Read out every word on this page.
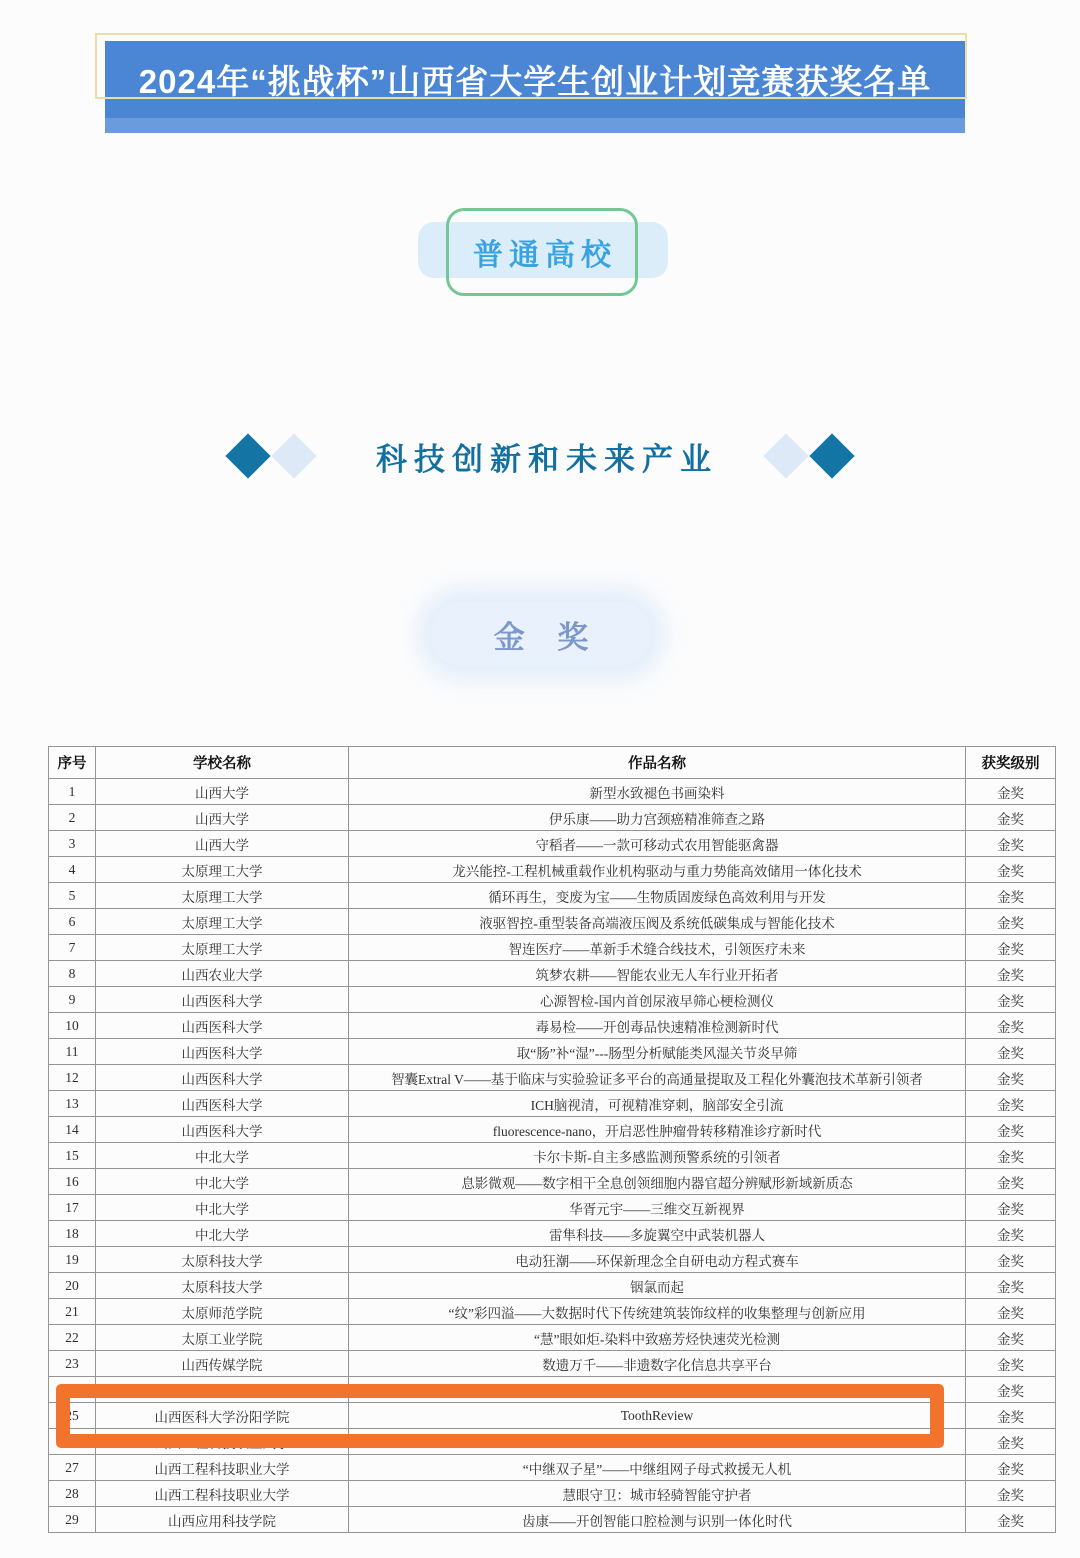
2024年“挑战杯”山西省大学生创业计划竞赛获奖名单
普通高校
科技创新和未来产业
金 奖
序号	学校名称	作品名称	获奖级别
1	山西大学	新型水致褪色书画染料	金奖
2	山西大学	伊乐康——助力宫颈癌精准筛查之路	金奖
3	山西大学	守稻者——一款可移动式农用智能驱禽器	金奖
4	太原理工大学	龙兴能控-工程机械重载作业机构驱动与重力势能高效储用一体化技术	金奖
5	太原理工大学	循环再生，变废为宝——生物质固废绿色高效利用与开发	金奖
6	太原理工大学	液驱智控-重型装备高端液压阀及系统低碳集成与智能化技术	金奖
7	太原理工大学	智连医疗——革新手术缝合线技术，引领医疗未来	金奖
8	山西农业大学	筑梦农耕——智能农业无人车行业开拓者	金奖
9	山西医科大学	心源智检-国内首创尿液早筛心梗检测仪	金奖
10	山西医科大学	毒易检——开创毒品快速精准检测新时代	金奖
11	山西医科大学	取“肠”补“湿”---肠型分析赋能类风湿关节炎早筛	金奖
12	山西医科大学	智囊Extral V——基于临床与实验验证多平台的高通量提取及工程化外囊泡技术革新引领者	金奖
13	山西医科大学	ICH脑视清，可视精准穿刺，脑部安全引流	金奖
14	山西医科大学	fluorescence-nano，开启恶性肿瘤骨转移精准诊疗新时代	金奖
15	中北大学	卡尔卡斯-自主多感监测预警系统的引领者	金奖
16	中北大学	息影微观——数字相干全息创领细胞内器官超分辨赋形新域新质态	金奖
17	中北大学	华胥元宇——三维交互新视界	金奖
18	中北大学	雷隼科技——多旋翼空中武装机器人	金奖
19	太原科技大学	电动狂潮——环保新理念全自研电动方程式赛车	金奖
20	太原科技大学	铟氯而起	金奖
21	太原师范学院	“纹”彩四溢——大数据时代下传统建筑装饰纹样的收集整理与创新应用	金奖
22	太原工业学院	“慧”眼如炬-染料中致癌芳烃快速荧光检测	金奖
23	山西传媒学院	数遗万千——非遗数字化信息共享平台	金奖
24			金奖
25	山西医科大学汾阳学院	ToothReview	金奖
26	山西工程科技职业大学		金奖
27	山西工程科技职业大学	“中继双子星”——中继组网子母式救援无人机	金奖
28	山西工程科技职业大学	慧眼守卫：城市轻骑智能守护者	金奖
29	山西应用科技学院	齿康——开创智能口腔检测与识别一体化时代	金奖
